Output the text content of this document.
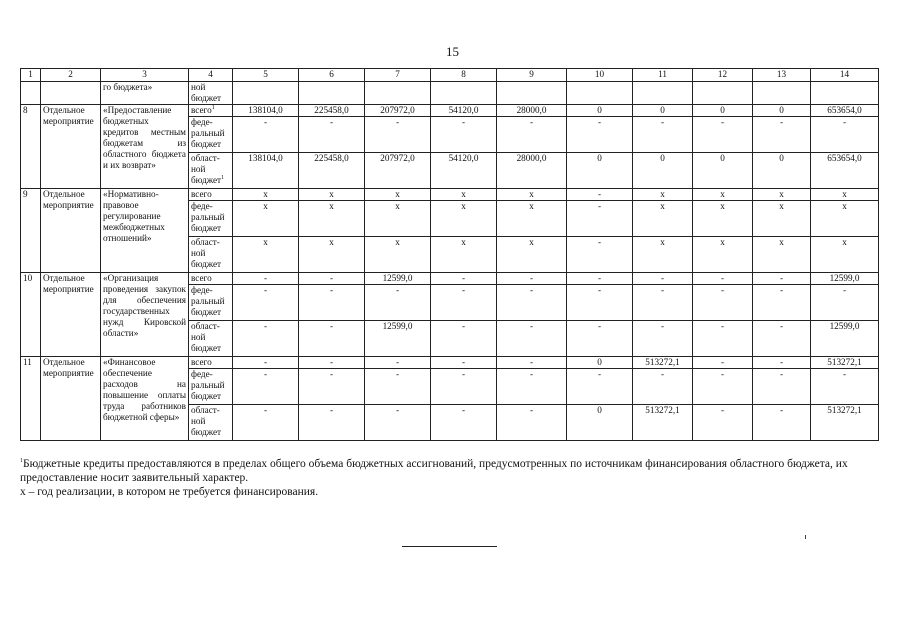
15
1	2	3	4	5	6	7	8	9	10	11	12	13	14
		го бюджета»	ной бюджет										
8	Отдельное мероприятие	«Предоставление бюджетных кредитов местным бюджетам из областного бюджета и их возврат»	всего$^1$	138104,0	225458,0	207972,0	54120,0	28000,0	0	0	0	0	653654,0
			феде-ральный бюджет	-	-	-	-	-	-	-	-	-	-
			област-ной бюджет$^1$	138104,0	225458,0	207972,0	54120,0	28000,0	0	0	0	0	653654,0
9	Отдельное мероприятие	«Нормативно-правовое регулирование межбюджетных отношений»	всего	x	x	x	x	x	-	x	x	x	x
			феде-ральный бюджет	x	x	x	x	x	-	x	x	x	x
			област-ной бюджет	x	x	x	x	x	-	x	x	x	x
10	Отдельное мероприятие	«Организация проведения закупок для обеспечения государственных нужд Кировской области»	всего	-	-	12599,0	-	-	-	-	-	-	12599,0
			феде-ральный бюджет	-	-	-	-	-	-	-	-	-	-
			област-ной бюджет	-	-	12599,0	-	-	-	-	-	-	12599,0
11	Отдельное мероприятие	«Финансовое обеспечение расходов на повышение оплаты труда работников бюджетной сферы»	всего	-	-	-	-	-	0	513272,1	-	-	513272,1
			феде-ральный бюджет	-	-	-	-	-	-	-	-	-	-
			област-ной бюджет	-	-	-	-	-	0	513272,1	-	-	513272,1
$^1$Бюджетные кредиты предоставляются в пределах общего объема бюджетных ассигнований, предусмотренных по источникам финансирования областного бюджета, их предоставление носит заявительный характер.
x – год реализации, в котором не требуется финансирования.
